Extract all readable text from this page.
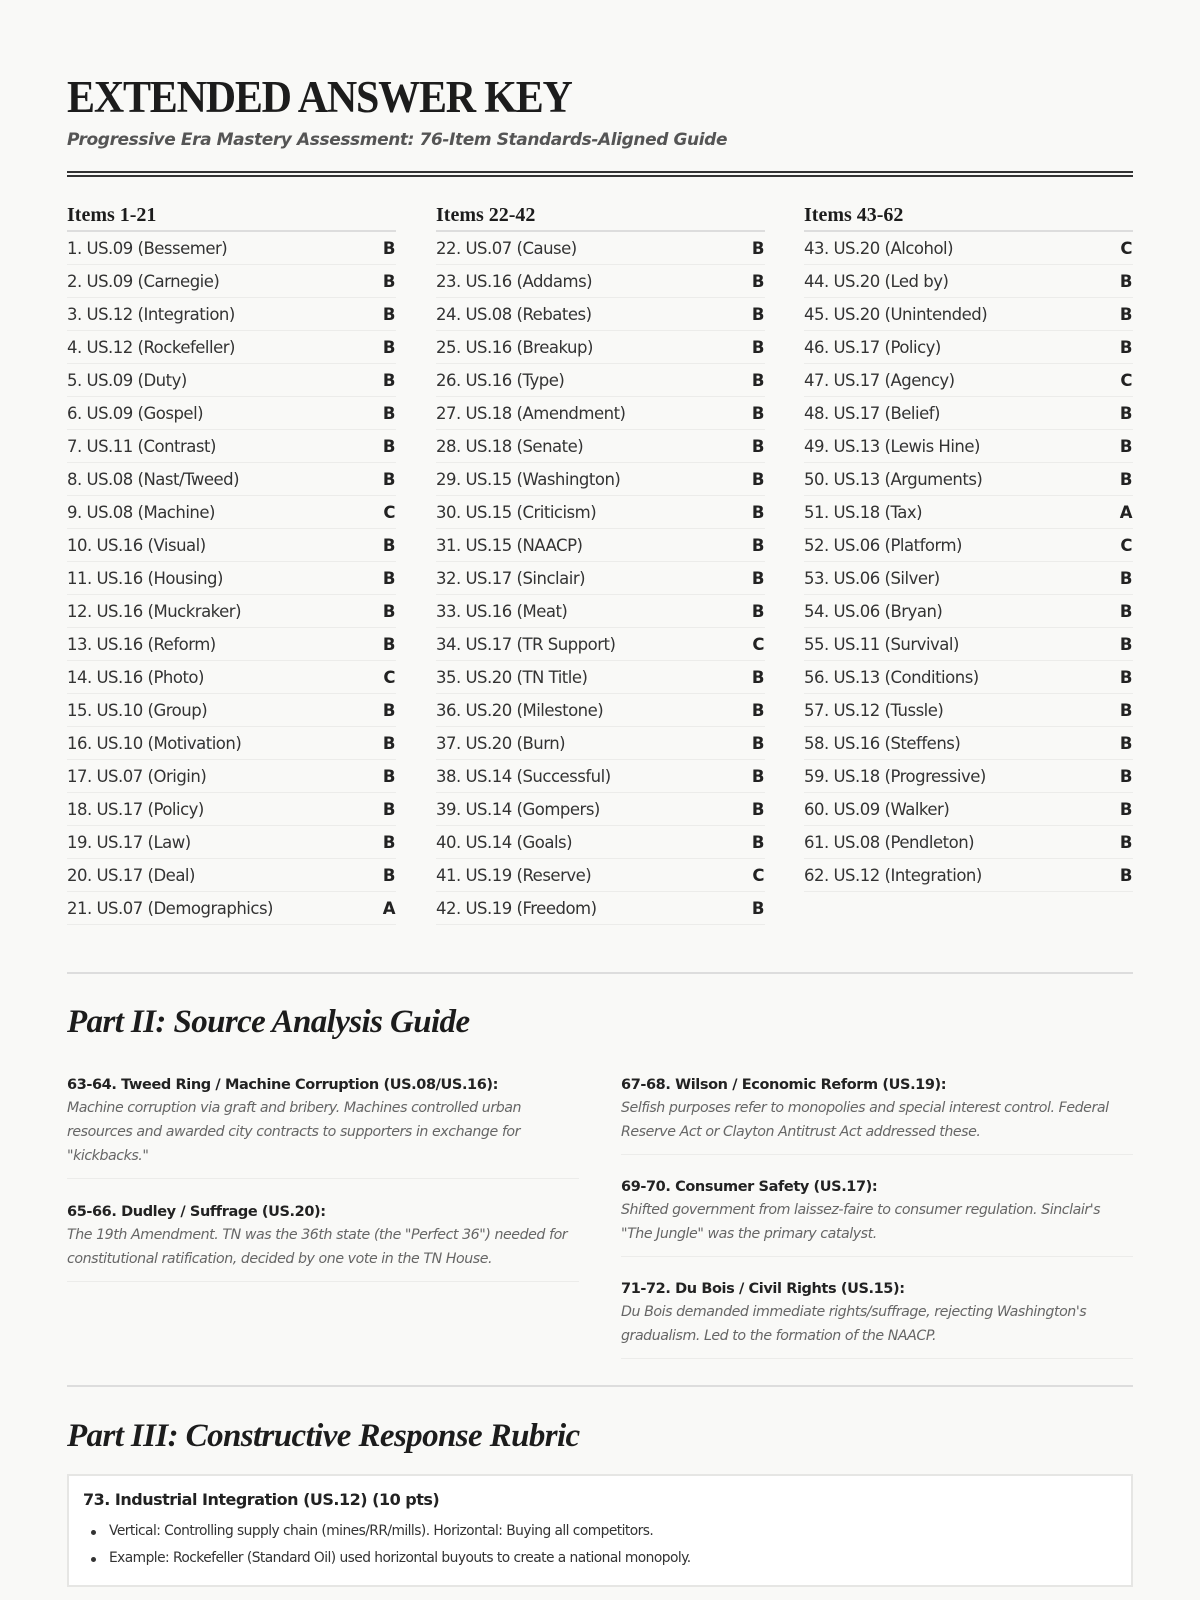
EXTENDED ANSWER KEY
Progressive Era Mastery Assessment: 76-Item Standards-Aligned Guide
Items 1-21
1. US.09 (Bessemer)	B
2. US.09 (Carnegie)	B
3. US.12 (Integration)	B
4. US.12 (Rockefeller)	B
5. US.09 (Duty)	B
6. US.09 (Gospel)	B
7. US.11 (Contrast)	B
8. US.08 (Nast/Tweed)	B
9. US.08 (Machine)	C
10. US.16 (Visual)	B
11. US.16 (Housing)	B
12. US.16 (Muckraker)	B
13. US.16 (Reform)	B
14. US.16 (Photo)	C
15. US.10 (Group)	B
16. US.10 (Motivation)	B
17. US.07 (Origin)	B
18. US.17 (Policy)	B
19. US.17 (Law)	B
20. US.17 (Deal)	B
21. US.07 (Demographics)	A
Items 22-42
22. US.07 (Cause)	B
23. US.16 (Addams)	B
24. US.08 (Rebates)	B
25. US.16 (Breakup)	B
26. US.16 (Type)	B
27. US.18 (Amendment)	B
28. US.18 (Senate)	B
29. US.15 (Washington)	B
30. US.15 (Criticism)	B
31. US.15 (NAACP)	B
32. US.17 (Sinclair)	B
33. US.16 (Meat)	B
34. US.17 (TR Support)	C
35. US.20 (TN Title)	B
36. US.20 (Milestone)	B
37. US.20 (Burn)	B
38. US.14 (Successful)	B
39. US.14 (Gompers)	B
40. US.14 (Goals)	B
41. US.19 (Reserve)	C
42. US.19 (Freedom)	B
Items 43-62
43. US.20 (Alcohol)	C
44. US.20 (Led by)	B
45. US.20 (Unintended)	B
46. US.17 (Policy)	B
47. US.17 (Agency)	C
48. US.17 (Belief)	B
49. US.13 (Lewis Hine)	B
50. US.13 (Arguments)	B
51. US.18 (Tax)	A
52. US.06 (Platform)	C
53. US.06 (Silver)	B
54. US.06 (Bryan)	B
55. US.11 (Survival)	B
56. US.13 (Conditions)	B
57. US.12 (Tussle)	B
58. US.16 (Steffens)	B
59. US.18 (Progressive)	B
60. US.09 (Walker)	B
61. US.08 (Pendleton)	B
62. US.12 (Integration)	B
Part II: Source Analysis Guide
63-64. Tweed Ring / Machine Corruption (US.08/US.16):
Machine corruption via graft and bribery. Machines controlled urban resources and awarded city contracts to supporters in exchange for "kickbacks."
65-66. Dudley / Suffrage (US.20):
The 19th Amendment. TN was the 36th state (the "Perfect 36") needed for constitutional ratification, decided by one vote in the TN House.
67-68. Wilson / Economic Reform (US.19):
Selfish purposes refer to monopolies and special interest control. Federal Reserve Act or Clayton Antitrust Act addressed these.
69-70. Consumer Safety (US.17):
Shifted government from laissez-faire to consumer regulation. Sinclair's "The Jungle" was the primary catalyst.
71-72. Du Bois / Civil Rights (US.15):
Du Bois demanded immediate rights/suffrage, rejecting Washington's gradualism. Led to the formation of the NAACP.
Part III: Constructive Response Rubric
73. Industrial Integration (US.12) (10 pts)
Vertical: Controlling supply chain (mines/RR/mills). Horizontal: Buying all competitors.
Example: Rockefeller (Standard Oil) used horizontal buyouts to create a national monopoly.
